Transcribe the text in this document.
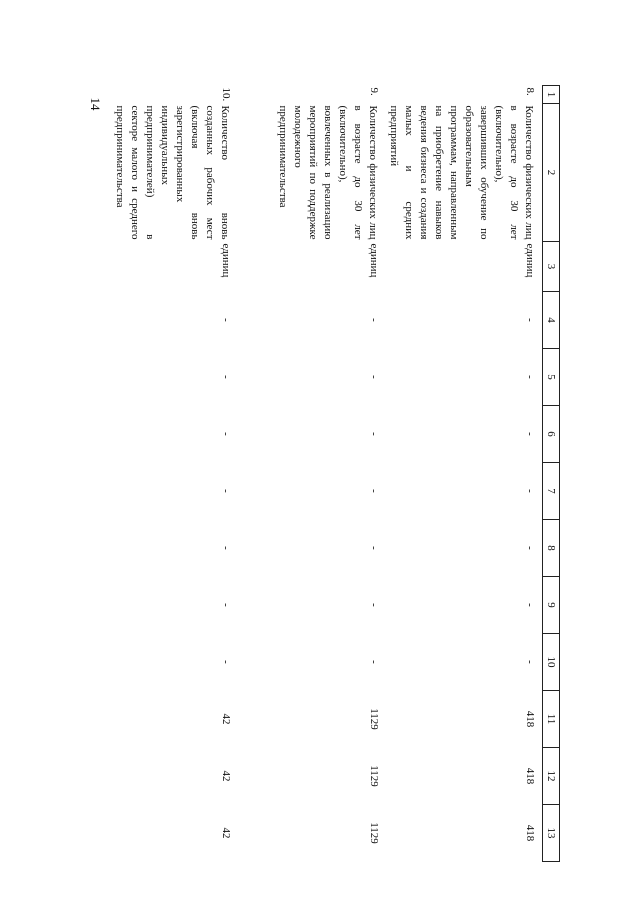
14
1	2	3	4	5	6	7	8	9	10	11	12	13
8.	Количество физических лиц в возрасте до 30 лет (включительно), завершивших обучение по образовательным программам, направленным на приобретение навыков ведения бизнеса и создания малых и средних предприятий	единиц	-	-	-	-	-	-	-	418	418	418
9.	Количество физических лиц в возрасте до 30 лет (включительно), вовлеченных в реализацию мероприятий по поддержке молодежного предпринимательства	единиц	-	-	-	-	-	-	-	1129	1129	1129
10.	Количество вновь созданных рабочих мест (включая вновь зарегистрированных индивидуальных предпринимателей) в секторе малого и среднего предпринимательства	единиц	-	-	-	-	-	-	-	42	42	42
